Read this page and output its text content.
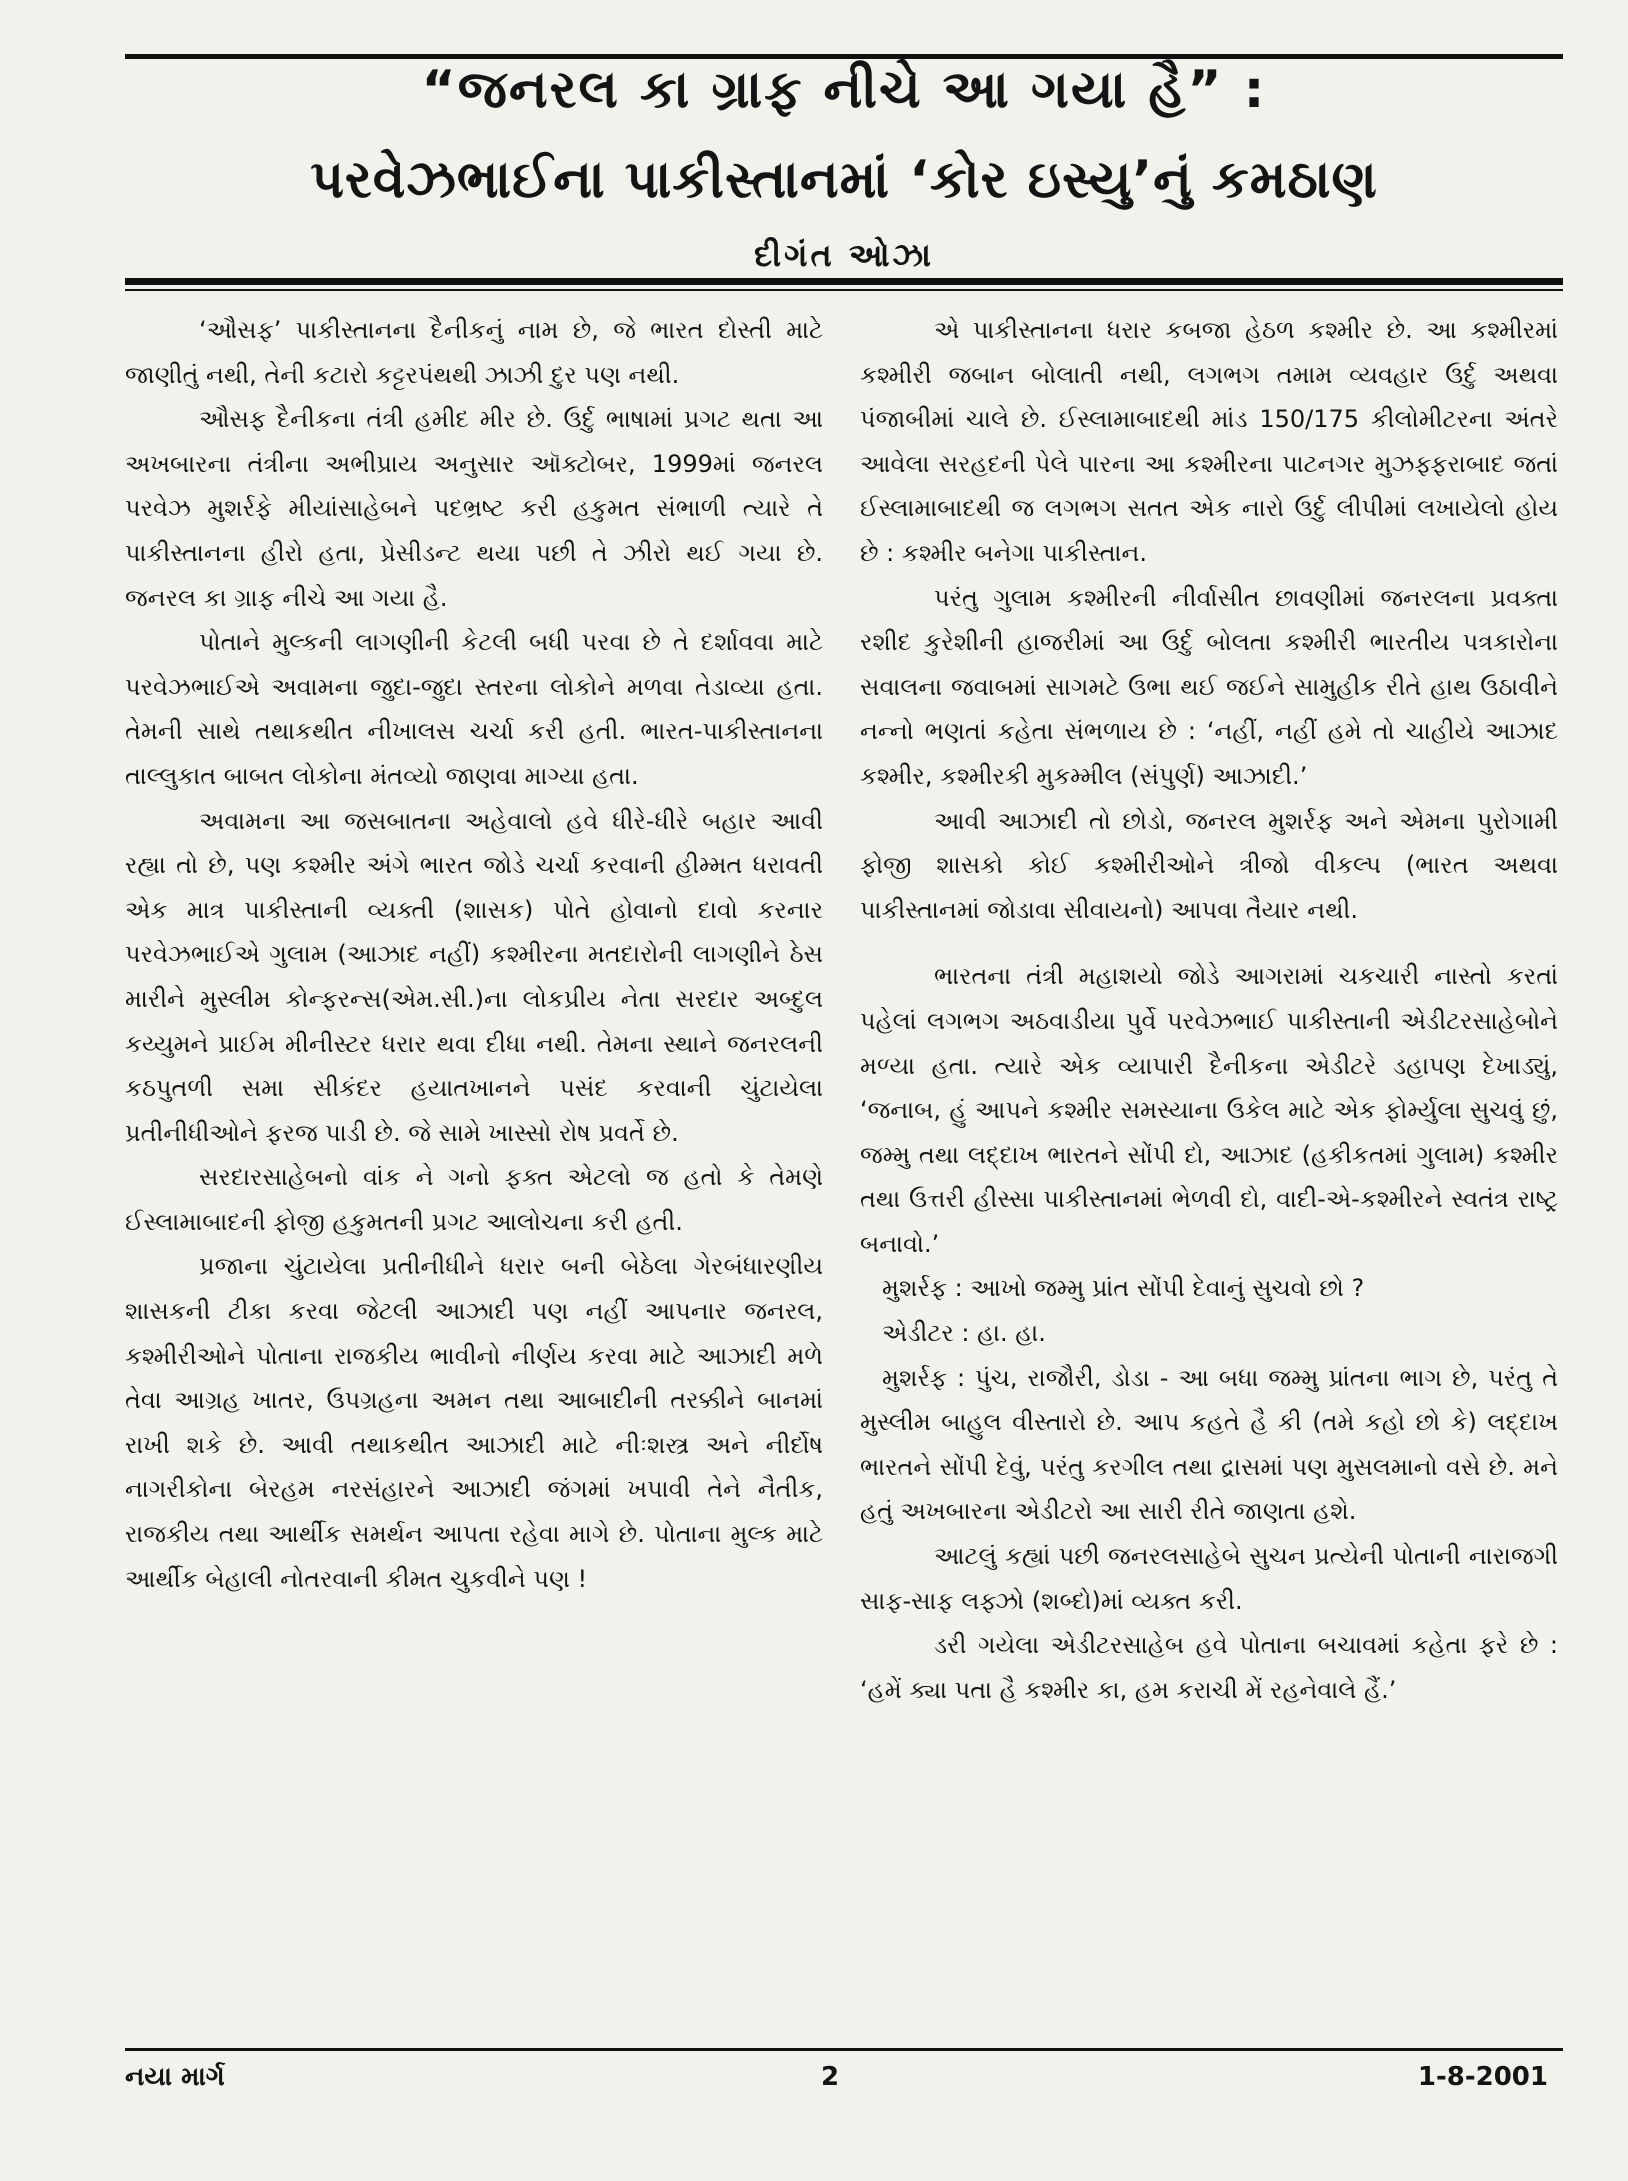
“જનરલ કા ગ્રાફ નીચે આ ગયા હૈ” :
પરવેઝભાઈના પાકીસ્તાનમાં ‘કોર ઇસ્યુ’નું કમઠાણ
દીગંત ઓઝા

‘ઔસફ’ પાકીસ્તાનના દૈનીકનું નામ છે, જે ભારત દોસ્તી માટે જાણીતું નથી, તેની કટારો કટ્ટરપંથથી ઝાઝી દુર પણ નથી.

ઔસફ દૈનીકના તંત્રી હમીદ મીર છે. ઉર્દુ ભાષામાં પ્રગટ થતા આ અખબારના તંત્રીના અભીપ્રાય અનુસાર ઑક્ટોબર, 1999માં જનરલ પરવેઝ મુશર્રફે મીયાંસાહેબને પદભ્રષ્ટ કરી હકુમત સંભાળી ત્યારે તે પાકીસ્તાનના હીરો હતા, પ્રેસીડન્ટ થયા પછી તે ઝીરો થઈ ગયા છે. જનરલ કા ગ્રાફ નીચે આ ગયા હૈ.

પોતાને મુલ્કની લાગણીની કેટલી બધી પરવા છે તે દર્શાવવા માટે પરવેઝભાઈએ અવામના જુદા-જુદા સ્તરના લોકોને મળવા તેડાવ્યા હતા. તેમની સાથે તથાકથીત નીખાલસ ચર્ચા કરી હતી. ભારત-પાકીસ્તાનના તાલ્લુકાત બાબત લોકોના મંતવ્યો જાણવા માગ્યા હતા.

અવામના આ જસબાતના અહેવાલો હવે ધીરે-ધીરે બહાર આવી રહ્યા તો છે, પણ કશ્મીર અંગે ભારત જોડે ચર્ચા કરવાની હીમ્મત ધરાવતી એક માત્ર પાકીસ્તાની વ્યક્તી (શાસક) પોતે હોવાનો દાવો કરનાર પરવેઝભાઈએ ગુલામ (આઝાદ નહીં) કશ્મીરના મતદારોની લાગણીને ઠેસ મારીને મુસ્લીમ કોન્ફરન્સ(એમ.સી.)ના લોકપ્રીય નેતા સરદાર અબ્દુલ કય્યુમને પ્રાઈમ મીનીસ્ટર ધરાર થવા દીધા નથી. તેમના સ્થાને જનરલની કઠપુતળી સમા સીકંદર હયાતખાનને પસંદ કરવાની ચુંટાયેલા પ્રતીનીધીઓને ફરજ પાડી છે. જે સામે ખાસ્સો રોષ પ્રવર્તે છે.

સરદારસાહેબનો વાંક ને ગનો ફક્ત એટલો જ હતો કે તેમણે ઈસ્લામાબાદની ફોજી હકુમતની પ્રગટ આલોચના કરી હતી.

પ્રજાના ચુંટાયેલા પ્રતીનીધીને ધરાર બની બેઠેલા ગેરબંધારણીય શાસકની ટીકા કરવા જેટલી આઝાદી પણ નહીં આપનાર જનરલ, કશ્મીરીઓને પોતાના રાજકીય ભાવીનો નીર્ણય કરવા માટે આઝાદી મળે તેવા આગ્રહ ખાતર, ઉપગ્રહના અમન તથા આબાદીની તરક્કીને બાનમાં રાખી શકે છે. આવી તથાકથીત આઝાદી માટે નીઃશસ્ત્ર અને નીર્દોષ નાગરીકોના બેરહમ નરસંહારને આઝાદી જંગમાં ખપાવી તેને નૈતીક, રાજકીય તથા આર્થીક સમર્થન આપતા રહેવા માગે છે. પોતાના મુલ્ક માટે આર્થીક બેહાલી નોતરવાની કીમત ચુકવીને પણ !

એ પાકીસ્તાનના ધરાર કબજા હેઠળ કશ્મીર છે. આ કશ્મીરમાં કશ્મીરી જબાન બોલાતી નથી, લગભગ તમામ વ્યવહાર ઉર્દુ અથવા પંજાબીમાં ચાલે છે. ઈસ્લામાબાદથી માંડ 150/175 કીલોમીટરના અંતરે આવેલા સરહદની પેલે પારના આ કશ્મીરના પાટનગર મુઝફ્ફરાબાદ જતાં ઈસ્લામાબાદથી જ લગભગ સતત એક નારો ઉર્દુ લીપીમાં લખાયેલો હોય છે : કશ્મીર બનેગા પાકીસ્તાન.

પરંતુ ગુલામ કશ્મીરની નીર્વાસીત છાવણીમાં જનરલના પ્રવક્તા રશીદ કુરેશીની હાજરીમાં આ ઉર્દુ બોલતા કશ્મીરી ભારતીય પત્રકારોના સવાલના જવાબમાં સાગમટે ઉભા થઈ જઈને સામુહીક રીતે હાથ ઉઠાવીને નન્નો ભણતાં કહેતા સંભળાય છે : ‘નહીં, નહીં હમે તો ચાહીયે આઝાદ કશ્મીર, કશ્મીરકી મુકમ્મીલ (સંપુર્ણ) આઝાદી.’

આવી આઝાદી તો છોડો, જનરલ મુશર્રફ અને એમના પુરોગામી ફોજી શાસકો કોઈ કશ્મીરીઓને ત્રીજો વીકલ્પ (ભારત અથવા પાકીસ્તાનમાં જોડાવા સીવાયનો) આપવા તૈયાર નથી.

ભારતના તંત્રી મહાશયો જોડે આગરામાં ચકચારી નાસ્તો કરતાં પહેલાં લગભગ અઠવાડીયા પુર્વે પરવેઝભાઈ પાકીસ્તાની એડીટરસાહેબોને મળ્યા હતા. ત્યારે એક વ્યાપારી દૈનીકના એડીટરે ડહાપણ દેખાડ્યું, ‘જનાબ, હું આપને કશ્મીર સમસ્યાના ઉકેલ માટે એક ફોર્મ્યુલા સુચવું છું, જમ્મુ તથા લદ્દાખ ભારતને સોંપી દો, આઝાદ (હકીકતમાં ગુલામ) કશ્મીર તથા ઉત્તરી હીસ્સા પાકીસ્તાનમાં ભેળવી દો, વાદી-એ-કશ્મીરને સ્વતંત્ર રાષ્ટ્ર બનાવો.’

મુશર્રફ : આખો જમ્મુ પ્રાંત સોંપી દેવાનું સુચવો છો ?

એડીટર : હા. હા.

મુશર્રફ : પુંચ, રાજૌરી, ડોડા - આ બધા જમ્મુ પ્રાંતના ભાગ છે, પરંતુ તે મુસ્લીમ બાહુલ વીસ્તારો છે. આપ કહતે હૈ કી (તમે કહો છો કે) લદ્દાખ ભારતને સોંપી દેવું, પરંતુ કરગીલ તથા દ્રાસમાં પણ મુસલમાનો વસે છે. મને હતું અખબારના એડીટરો આ સારી રીતે જાણતા હશે.

આટલું કહ્યાં પછી જનરલસાહેબે સુચન પ્રત્યેની પોતાની નારાજગી સાફ-સાફ લફ્ઝો (શબ્દો)માં વ્યક્ત કરી.

ડરી ગયેલા એડીટરસાહેબ હવે પોતાના બચાવમાં કહેતા ફરે છે : ‘હમેં ક્યા પતા હૈ કશ્મીર કા, હમ કરાચી મેં રહનેવાલે હૈં.’

નયા માર્ગ	2	1-8-2001
